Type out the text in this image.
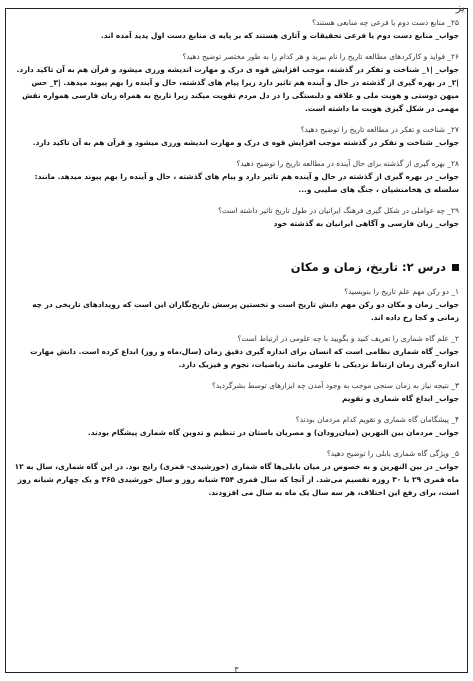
یز

۲۵_ منابع دست دوم یا فرعی چه منابعی هستند؟

جواب_ منابع دست دوم یا فرعی تحقیقات و آثاری هستند که بر پایه ی منابع دست اول پدید آمده اند.

۲۶_ فواید و کارکردهای مطالعه تاریخ را نام ببرید و هر کدام را به طور مختصر توضیح دهید؟

جواب_ |۱_ شناخت و تفکر در گذشته، موجب افزایش قوه ی درک و مهارت اندیشه ورزی میشود و قرآن هم به آن تاکید دارد. |۲_ در بهره گیری از گذشته در حال و آینده هم تاثیر دارد زیرا پیام های گذشته، حال و آینده را بهم پیوند میدهد. |۳_ حس میهن دوستی و هویت ملی و علاقه و دلبستگی را در دل مردم تقویت میکند زیرا تاریخ به همراه زبان فارسی همواره نقش مهمی در شکل گیری هویت ما داشته است.

۲۷_ شناخت و تفکر در مطالعه تاریخ را توضیح دهید؟

جواب_ شناخت و تفکر در گذشته موجب افزایش قوه ی درک و مهارت اندیشه ورزی میشود و قرآن هم به آن تاکید دارد.

۲۸_ بهره گیری از گذشته برای حال آینده در مطالعه تاریخ را توضیح دهید؟

جواب_ در بهره گیری از گذشته در حال و آینده هم تاثیر دارد و پیام های گذشته ، حال و آینده را بهم پیوند میدهد. مانند: سلسله ی هخامنشیان ، جنگ های صلیبی و...

۲۹_ چه عواملی در شکل گیری فرهنگ ایرانیان در طول تاریخ تاثیر داشته است؟

جواب_ زبان فارسی و آگاهی ایرانیان به گذشته خود

درس ۲: تاریخ، زمان و مکان

۱_ دو رکن مهم علم تاریخ را بنویسید؟

جواب_ زمان و مکان دو رکن مهم دانش تاریخ است و نخستین پرسش تاریخ‌نگاران این است که رویدادهای تاریخی در چه زمانی و کجا رخ داده اند.

۲_ علم گاه شماری را تعریف کنید و بگویید با چه علومی در ارتباط است؟

جواب_ گاه شماری نظامی است که انسان برای اندازه گیری دقیق زمان (سال،ماه و روز) ابداع کرده است. دانش مهارت اندازه گیری زمان ارتباط نزدیکی با علومی مانند ریاضیات، نجوم و فیزیک دارد.

۳_ نتیجه نیاز به زمان سنجی موجب به وجود آمدن چه ابزارهای توسط بشرگردید؟

جواب_ ابداع گاه شماری و تقویم

۴_ پیشگامان گاه شماری و تقویم کدام مردمان بودند؟

جواب_ مردمان بین النهرین (میان‌رودان) و مصریان باستان در تنظیم و تدوین گاه شماری پیشگام بودند.

۵_ ویژگی گاه شماری بابلی را توضیح دهید؟

جواب_ در بین النهرین و به خصوص در میان بابلی‌ها گاه شماری (خورشیدی- قمری) رایج بود. در این گاه شماری، سال به ۱۲ ماه قمری ۲۹ یا ۳۰ روزه تقسیم می‌شد. از آنجا که سال قمری ۳۵۴ شبانه روز و سال خورشیدی ۳۶۵ و یک چهارم شبانه روز است، برای رفع این اختلاف، هر سه سال یک ماه به سال می افزودند.

۳
